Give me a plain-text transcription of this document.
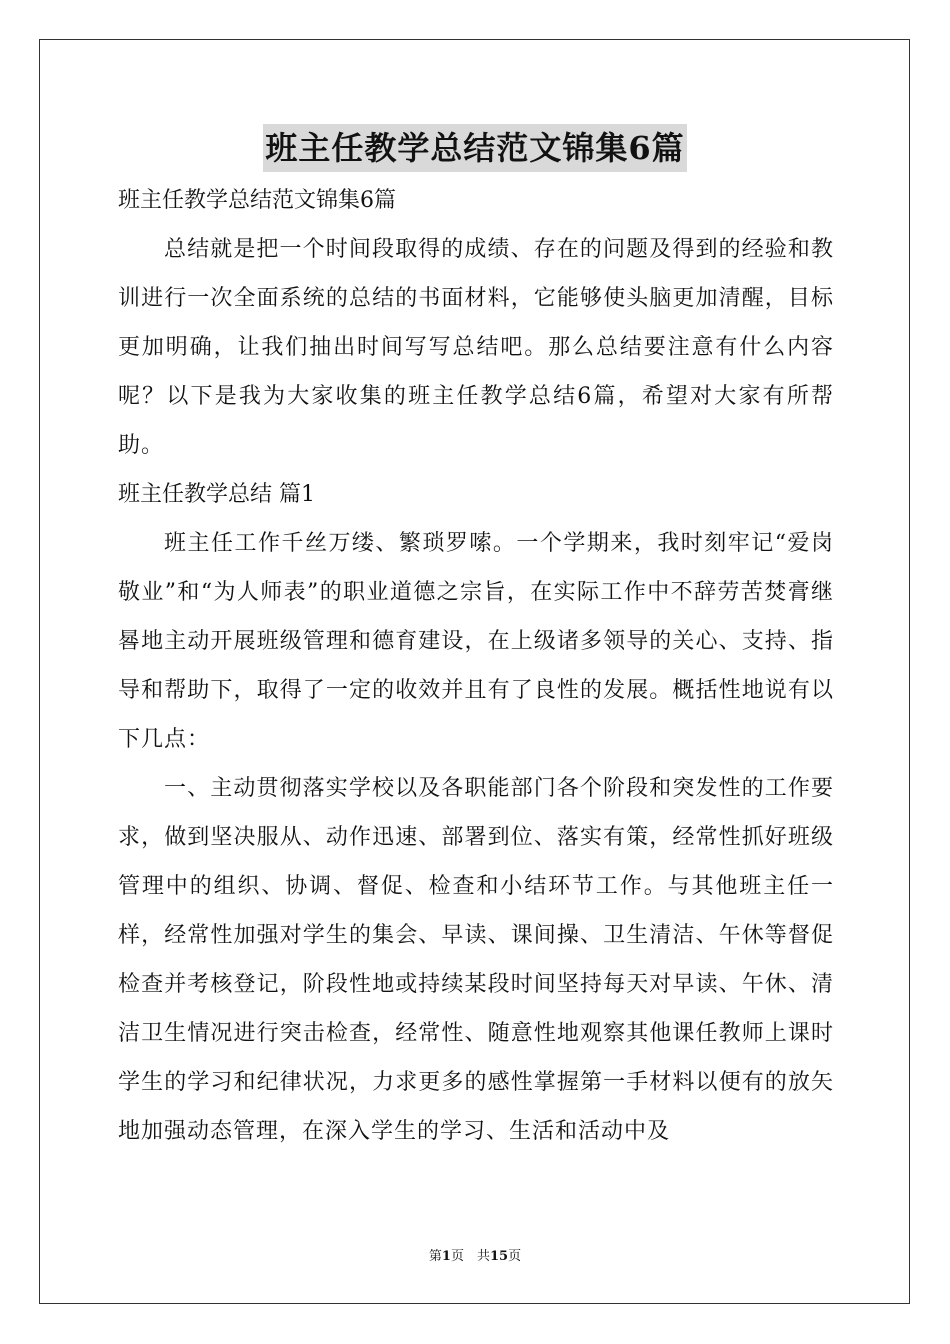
班主任教学总结范文锦集6篇

班主任教学总结范文锦集6篇

总结就是把一个时间段取得的成绩、存在的问题及得到的经验和教训进行一次全面系统的总结的书面材料，它能够使头脑更加清醒，目标更加明确，让我们抽出时间写写总结吧。那么总结要注意有什么内容呢？以下是我为大家收集的班主任教学总结6篇，希望对大家有所帮助。

班主任教学总结 篇1

班主任工作千丝万缕、繁琐罗嗦。一个学期来，我时刻牢记“爱岗敬业”和“为人师表”的职业道德之宗旨，在实际工作中不辞劳苦焚膏继晷地主动开展班级管理和德育建设，在上级诸多领导的关心、支持、指导和帮助下，取得了一定的收效并且有了良性的发展。概括性地说有以下几点：

一、主动贯彻落实学校以及各职能部门各个阶段和突发性的工作要求，做到坚决服从、动作迅速、部署到位、落实有策，经常性抓好班级管理中的组织、协调、督促、检查和小结环节工作。与其他班主任一样，经常性加强对学生的集会、早读、课间操、卫生清洁、午休等督促检查并考核登记，阶段性地或持续某段时间坚持每天对早读、午休、清洁卫生情况进行突击检查，经常性、随意性地观察其他课任教师上课时学生的学习和纪律状况，力求更多的感性掌握第一手材料以便有的放矢地加强动态管理，在深入学生的学习、生活和活动中及

第1页　共15页
